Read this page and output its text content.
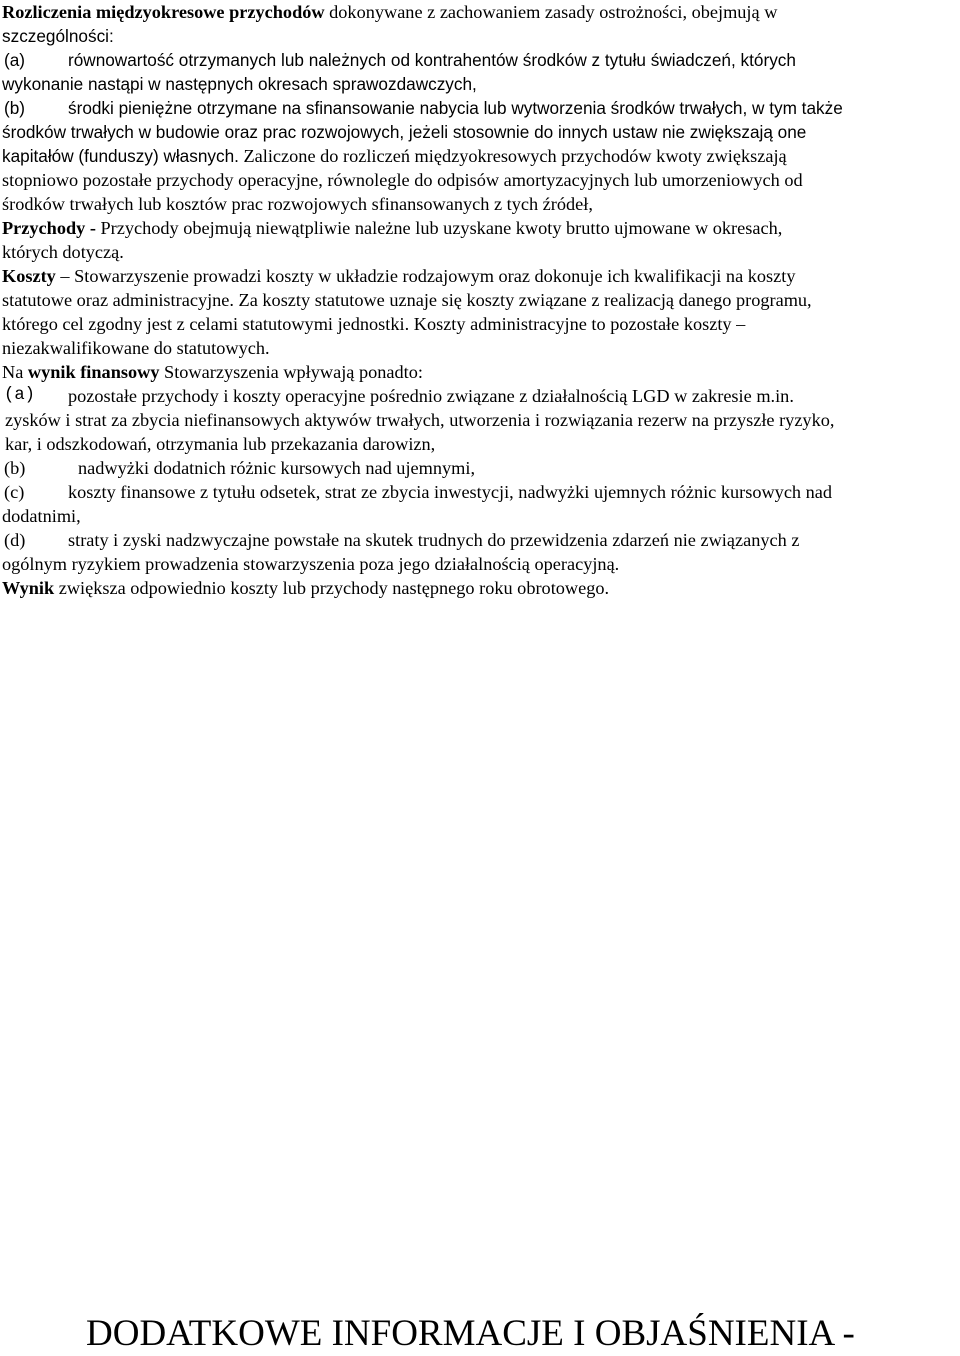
Rozliczenia międzyokresowe przychodów dokonywane z zachowaniem zasady ostrożności, obejmują w
szczególności:
(a) równowartość otrzymanych lub należnych od kontrahentów środków z tytułu świadczeń, których
wykonanie nastąpi w następnych okresach sprawozdawczych,
(b) środki pieniężne otrzymane na sfinansowanie nabycia lub wytworzenia środków trwałych, w tym także
środków trwałych w budowie oraz prac rozwojowych, jeżeli stosownie do innych ustaw nie zwiększają one
kapitałów (funduszy) własnych. Zaliczone do rozliczeń międzyokresowych przychodów kwoty zwiększają
stopniowo pozostałe przychody operacyjne, równolegle do odpisów amortyzacyjnych lub umorzeniowych od
środków trwałych lub kosztów prac rozwojowych sfinansowanych z tych źródeł,
Przychody - Przychody obejmują niewątpliwie należne lub uzyskane kwoty brutto ujmowane w okresach,
których dotyczą.
Koszty – Stowarzyszenie prowadzi koszty w układzie rodzajowym oraz dokonuje ich kwalifikacji na koszty
statutowe oraz administracyjne. Za koszty statutowe uznaje się koszty związane z realizacją danego programu,
którego cel zgodny jest z celami statutowymi jednostki. Koszty administracyjne to pozostałe koszty –
niezakwalifikowane do statutowych.
Na wynik finansowy Stowarzyszenia wpływają ponadto:
(a) pozostałe przychody i koszty operacyjne pośrednio związane z działalnością LGD w zakresie m.in.
zysków i strat za zbycia niefinansowych aktywów trwałych, utworzenia i rozwiązania rezerw na przyszłe ryzyko,
kar, i odszkodowań, otrzymania lub przekazania darowizn,
(b)	nadwyżki dodatnich różnic kursowych nad ujemnymi,
(c) koszty finansowe z tytułu odsetek, strat ze zbycia inwestycji, nadwyżki ujemnych różnic kursowych nad
dodatnimi,
(d) straty i zyski nadzwyczajne powstałe na skutek trudnych do przewidzenia zdarzeń nie związanych z
ogólnym ryzykiem prowadzenia stowarzyszenia poza jego działalnością operacyjną.
Wynik zwiększa odpowiednio koszty lub przychody następnego roku obrotowego.
DODATKOWE INFORMACJE I OBJAŚNIENIA -
